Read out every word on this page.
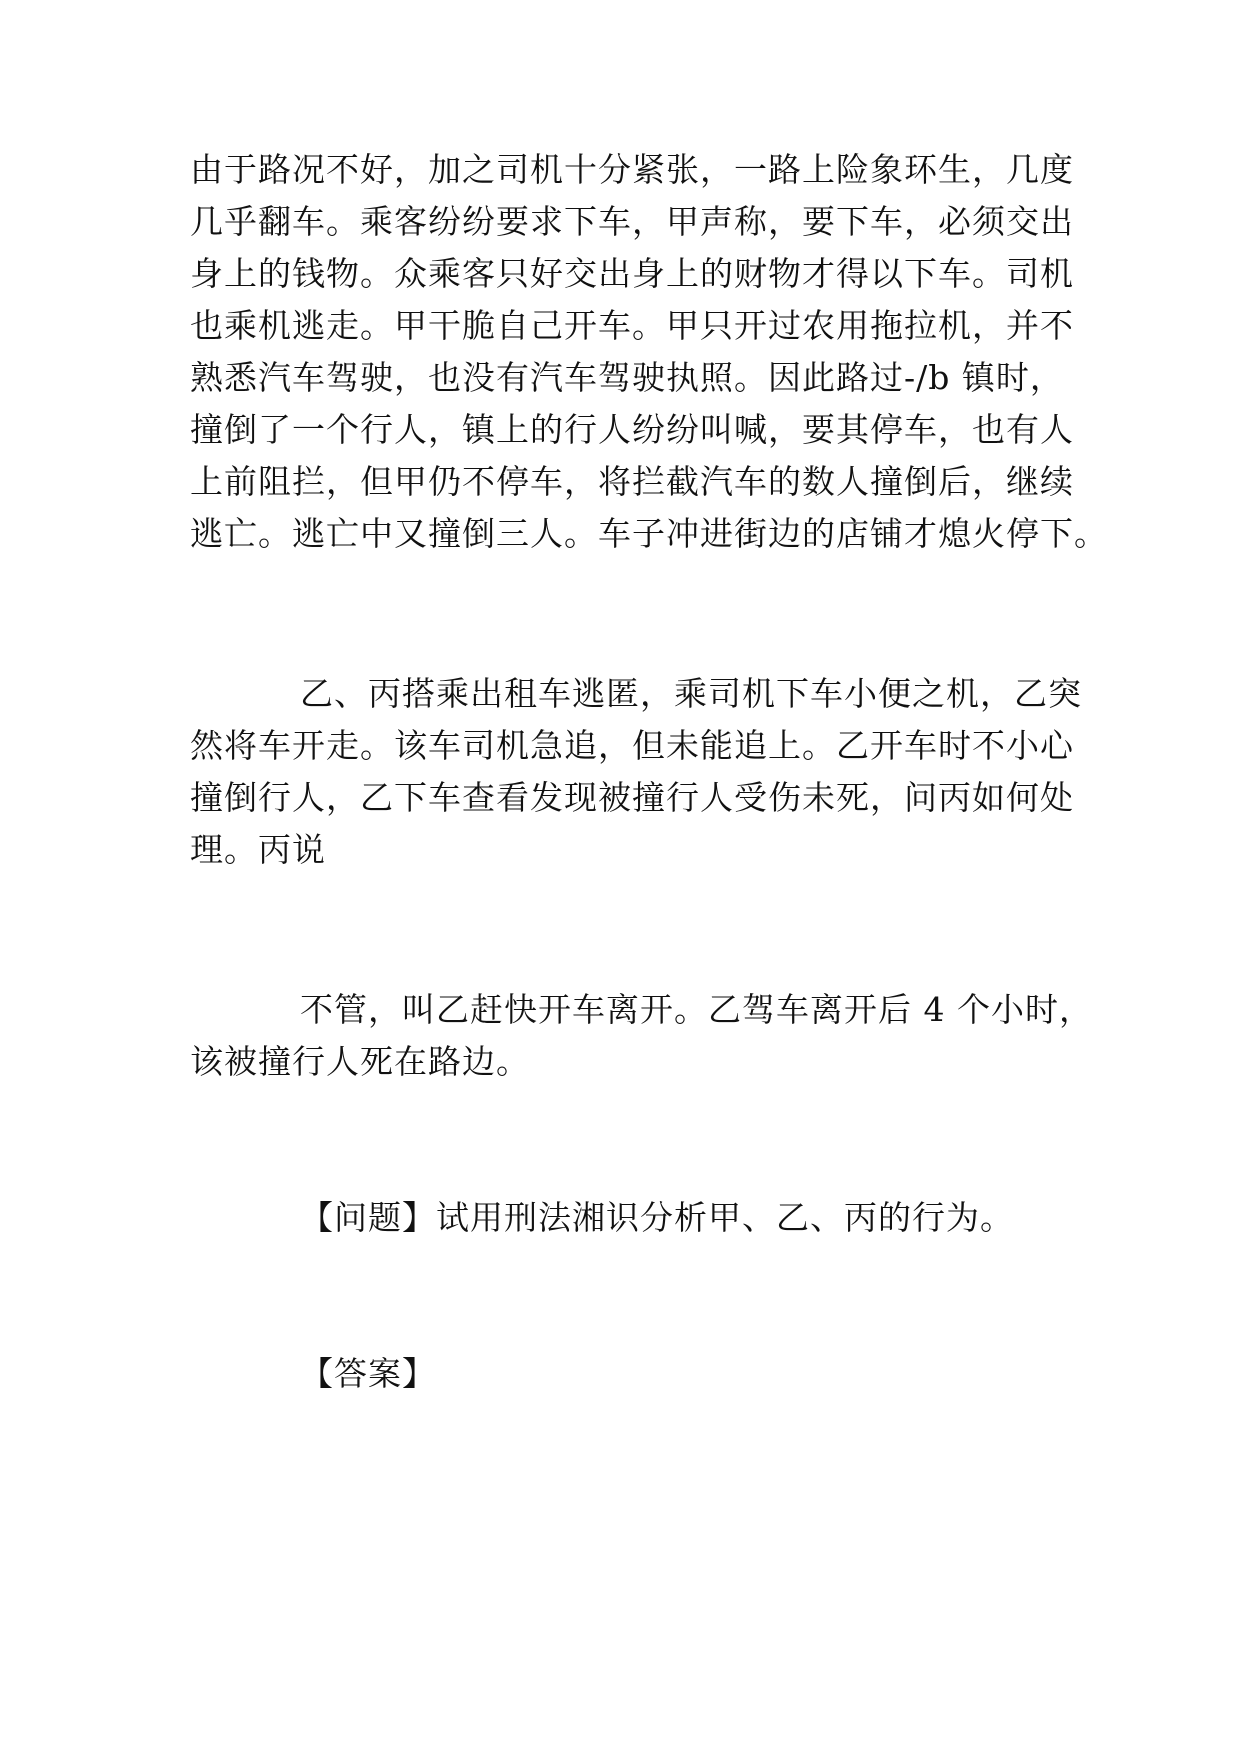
由于路况不好，加之司机十分紧张，一路上险象环生，几度
几乎翻车。乘客纷纷要求下车，甲声称，要下车，必须交出
身上的钱物。众乘客只好交出身上的财物才得以下车。司机
也乘机逃走。甲干脆自己开车。甲只开过农用拖拉机，并不
熟悉汽车驾驶，也没有汽车驾驶执照。因此路过-/b 镇时，
撞倒了一个行人，镇上的行人纷纷叫喊，要其停车，也有人
上前阻拦，但甲仍不停车，将拦截汽车的数人撞倒后，继续
逃亡。逃亡中又撞倒三人。车子冲进街边的店铺才熄火停下。
乙、丙搭乘出租车逃匿，乘司机下车小便之机，乙突
然将车开走。该车司机急追，但未能追上。乙开车时不小心
撞倒行人，乙下车查看发现被撞行人受伤未死，问丙如何处
理。丙说
不管，叫乙赶快开车离开。乙驾车离开后 4 个小时，
该被撞行人死在路边。
【问题】试用刑法湘识分析甲、乙、丙的行为。
【答案】
